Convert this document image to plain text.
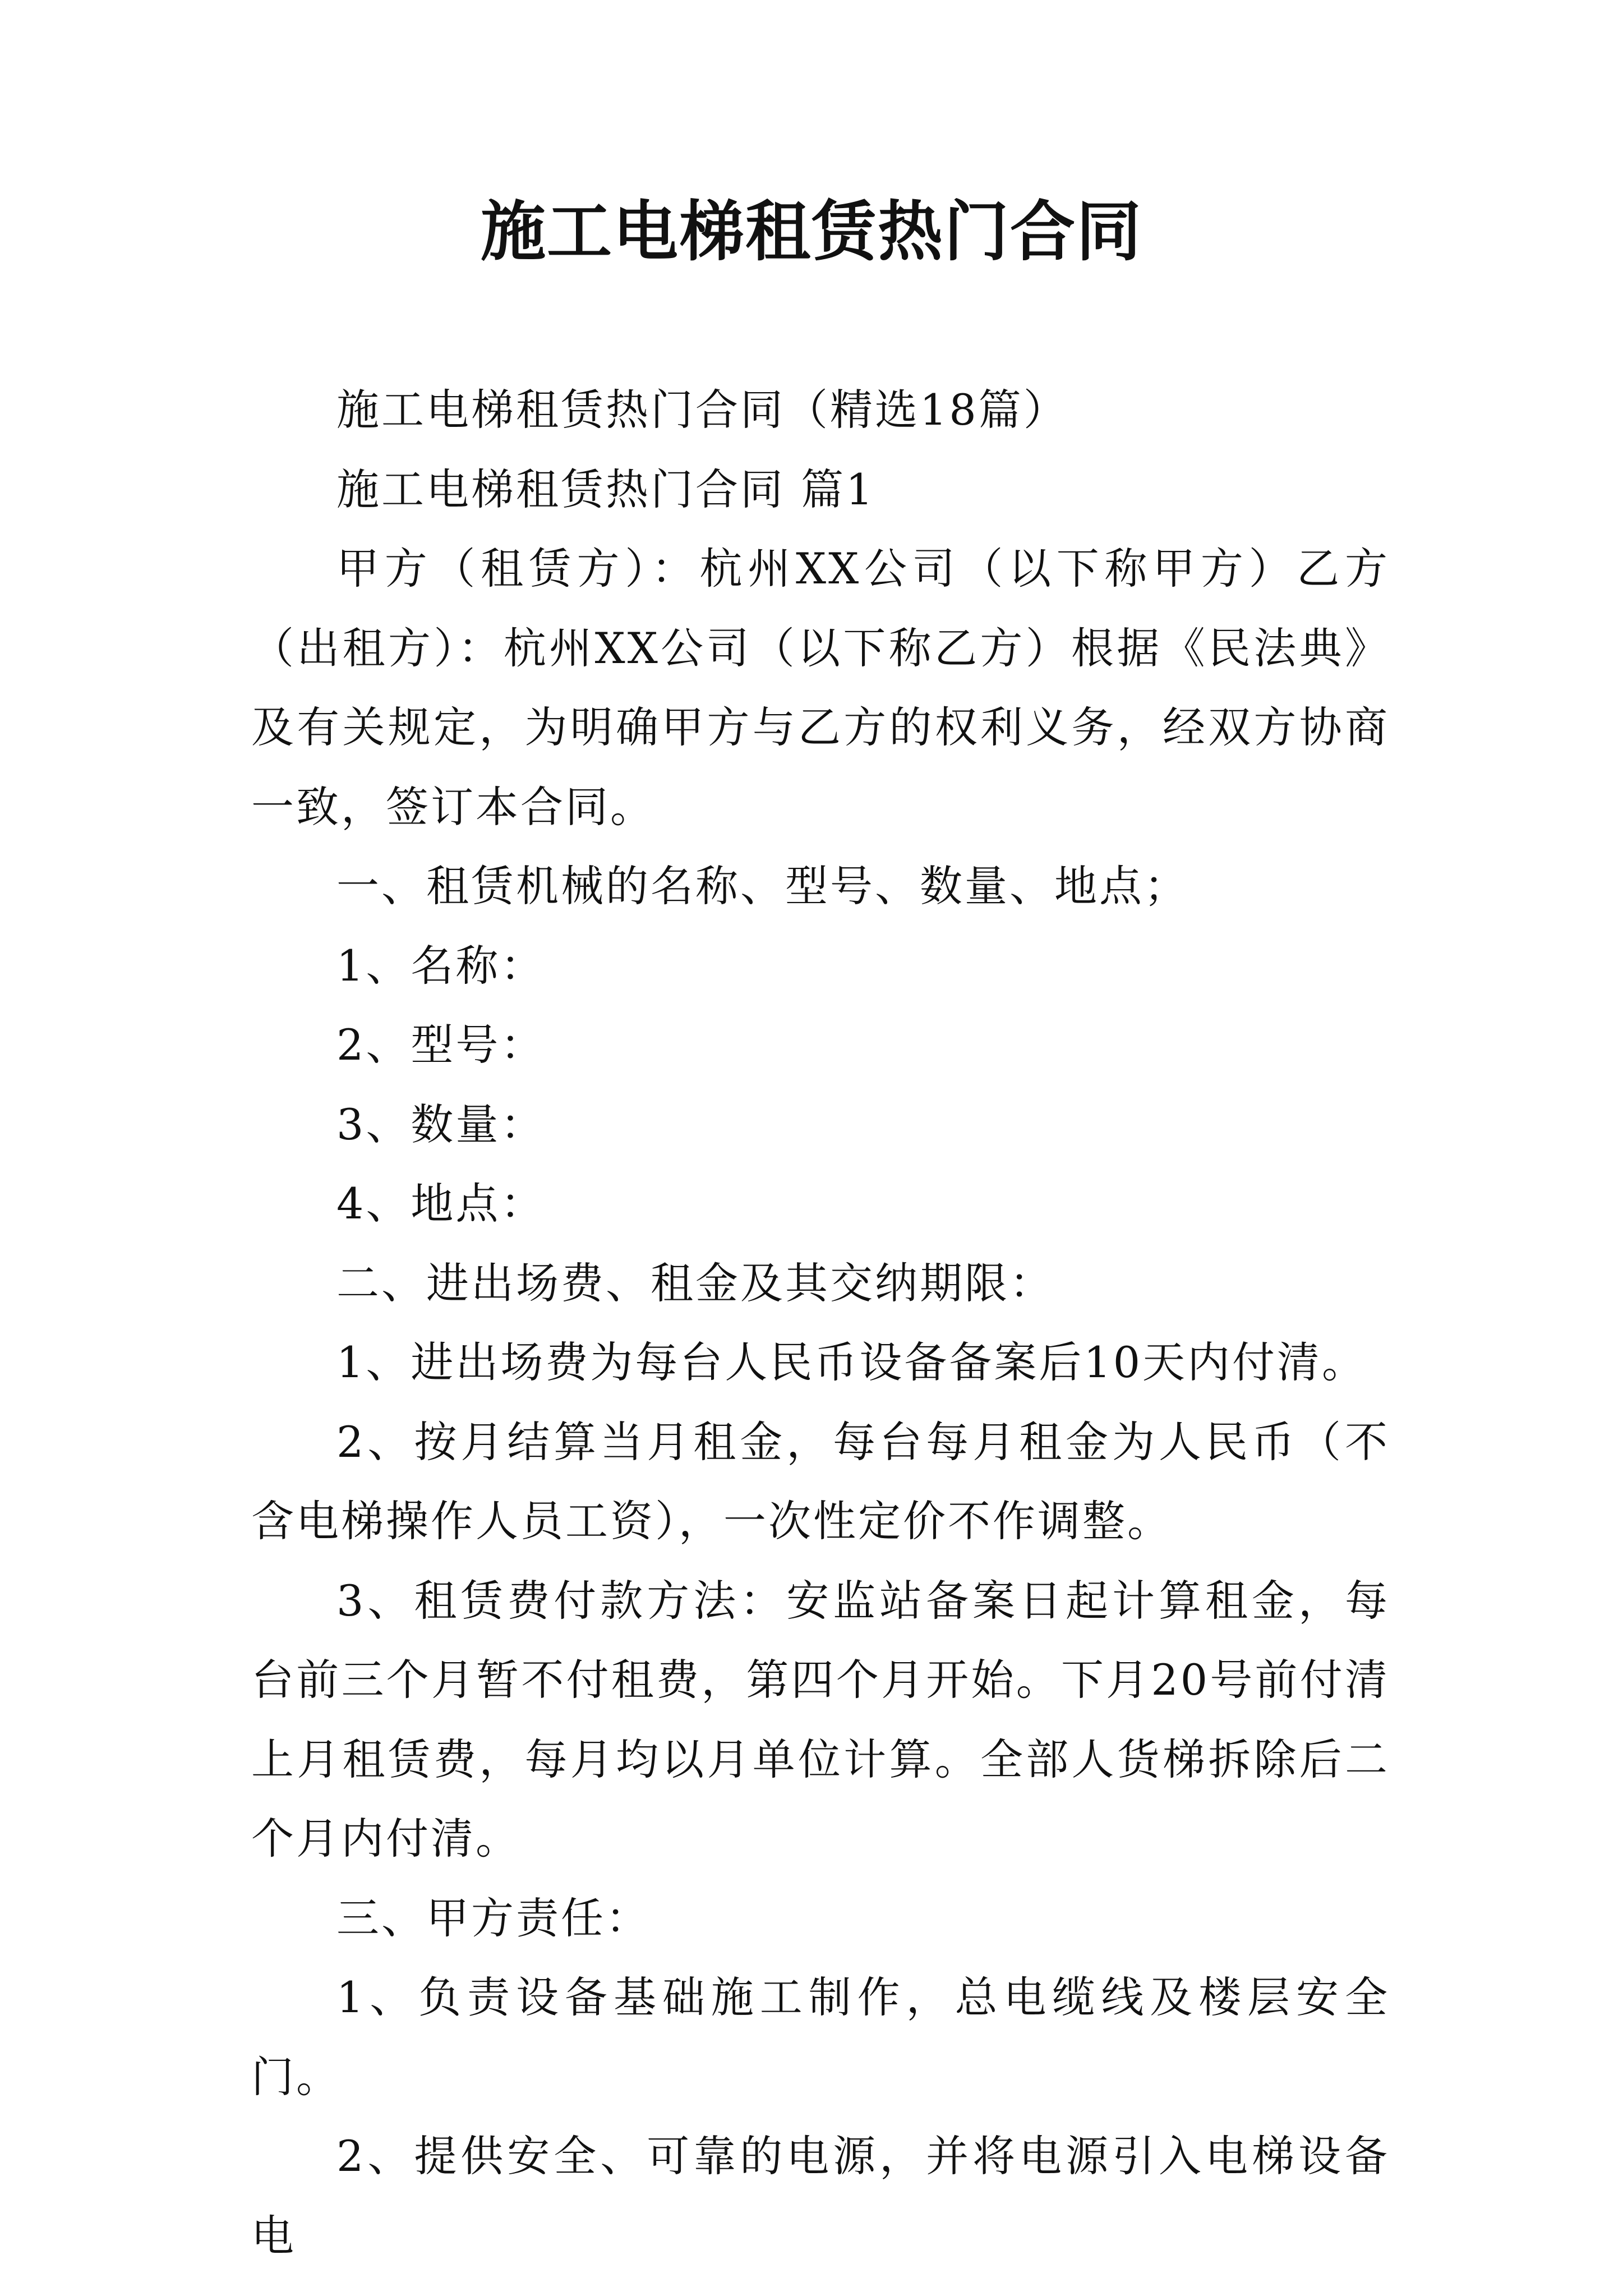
施工电梯租赁热门合同

施工电梯租赁热门合同（精选18篇）

施工电梯租赁热门合同 篇1

甲方（租赁方）：杭州XX公司（以下称甲方）乙方（出租方）：杭州XX公司（以下称乙方）根据《民法典》及有关规定，为明确甲方与乙方的权利义务，经双方协商一致，签订本合同。

一、租赁机械的名称、型号、数量、地点；

1、名称：

2、型号：

3、数量：

4、地点：

二、进出场费、租金及其交纳期限：

1、进出场费为每台人民币设备备案后10天内付清。

2、按月结算当月租金，每台每月租金为人民币（不含电梯操作人员工资），一次性定价不作调整。

3、租赁费付款方法：安监站备案日起计算租金，每台前三个月暂不付租费，第四个月开始。下月20号前付清上月租赁费，每月均以月单位计算。全部人货梯拆除后二个月内付清。

三、甲方责任：

1、负责设备基础施工制作，总电缆线及楼层安全门。

2、提供安全、可靠的电源，并将电源引入电梯设备电
